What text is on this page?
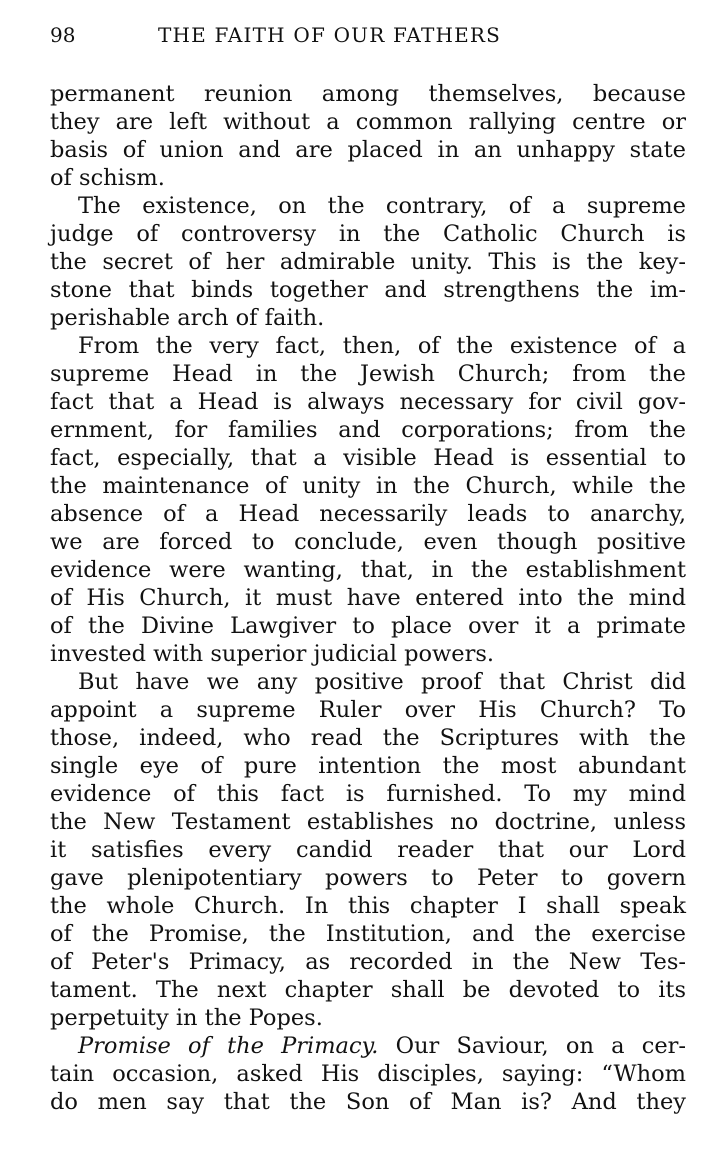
98	THE FAITH OF OUR FATHERS
permanent reunion among themselves, because
they are left without a common rallying centre or
basis of union and are placed in an unhappy state
of schism.
The existence, on the contrary, of a supreme
judge of controversy in the Catholic Church is
the secret of her admirable unity. This is the key-
stone that binds together and strengthens the im-
perishable arch of faith.
From the very fact, then, of the existence of a
supreme Head in the Jewish Church; from the
fact that a Head is always necessary for civil gov-
ernment, for families and corporations; from the
fact, especially, that a visible Head is essential to
the maintenance of unity in the Church, while the
absence of a Head necessarily leads to anarchy,
we are forced to conclude, even though positive
evidence were wanting, that, in the establishment
of His Church, it must have entered into the mind
of the Divine Lawgiver to place over it a primate
invested with superior judicial powers.
But have we any positive proof that Christ did
appoint a supreme Ruler over His Church? To
those, indeed, who read the Scriptures with the
single eye of pure intention the most abundant
evidence of this fact is furnished. To my mind
the New Testament establishes no doctrine, unless
it satisfies every candid reader that our Lord
gave plenipotentiary powers to Peter to govern
the whole Church. In this chapter I shall speak
of the Promise, the Institution, and the exercise
of Peter's Primacy, as recorded in the New Tes-
tament. The next chapter shall be devoted to its
perpetuity in the Popes.
Promise of the Primacy. Our Saviour, on a cer-
tain occasion, asked His disciples, saying: “Whom
do men say that the Son of Man is? And they
